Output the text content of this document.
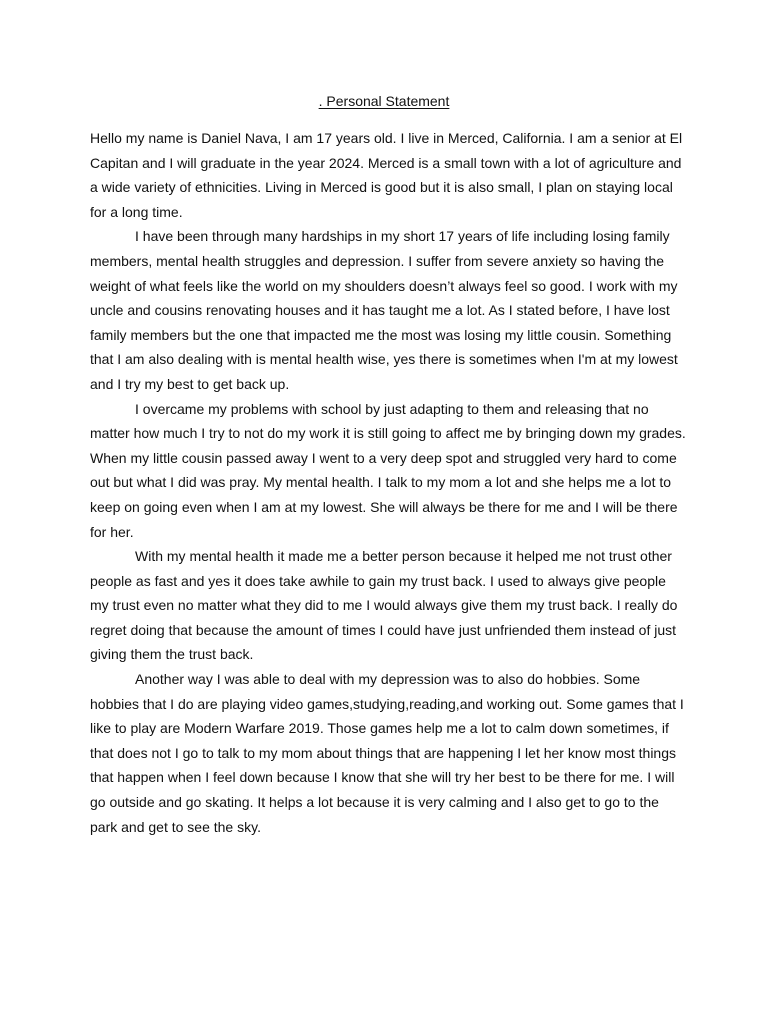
. Personal Statement

Hello my name is Daniel Nava, I am 17 years old. I live in Merced, California. I am a senior at El Capitan and I will graduate in the year 2024. Merced is a small town with a lot of agriculture and a wide variety of ethnicities. Living in Merced is good but it is also small, I plan on staying local for a long time.

I have been through many hardships in my short 17 years of life including losing family members, mental health struggles and depression. I suffer from severe anxiety so having the weight of what feels like the world on my shoulders doesn’t always feel so good. I work with my uncle and cousins renovating houses and it has taught me a lot. As I stated before, I have lost family members but the one that impacted me the most was losing my little cousin. Something that I am also dealing with is mental health wise, yes there is sometimes when I'm at my lowest and I try my best to get back up.

I overcame my problems with school by just adapting to them and releasing that no matter how much I try to not do my work it is still going to affect me by bringing down my grades. When my little cousin passed away I went to a very deep spot and struggled very hard to come out but what I did was pray. My mental health. I talk to my mom a lot and she helps me a lot to keep on going even when I am at my lowest. She will always be there for me and I will be there for her.

With my mental health it made me a better person because it helped me not trust other people as fast and yes it does take awhile to gain my trust back. I used to always give people my trust even no matter what they did to me I would always give them my trust back. I really do regret doing that because the amount of times I could have just unfriended them instead of just giving them the trust back.

Another way I was able to deal with my depression was to also do hobbies. Some hobbies that I do are playing video games,studying,reading,and working out. Some games that I like to play are Modern Warfare 2019. Those games help me a lot to calm down sometimes, if that does not I go to talk to my mom about things that are happening I let her know most things that happen when I feel down because I know that she will try her best to be there for me. I will go outside and go skating. It helps a lot because it is very calming and I also get to go to the park and get to see the sky.
